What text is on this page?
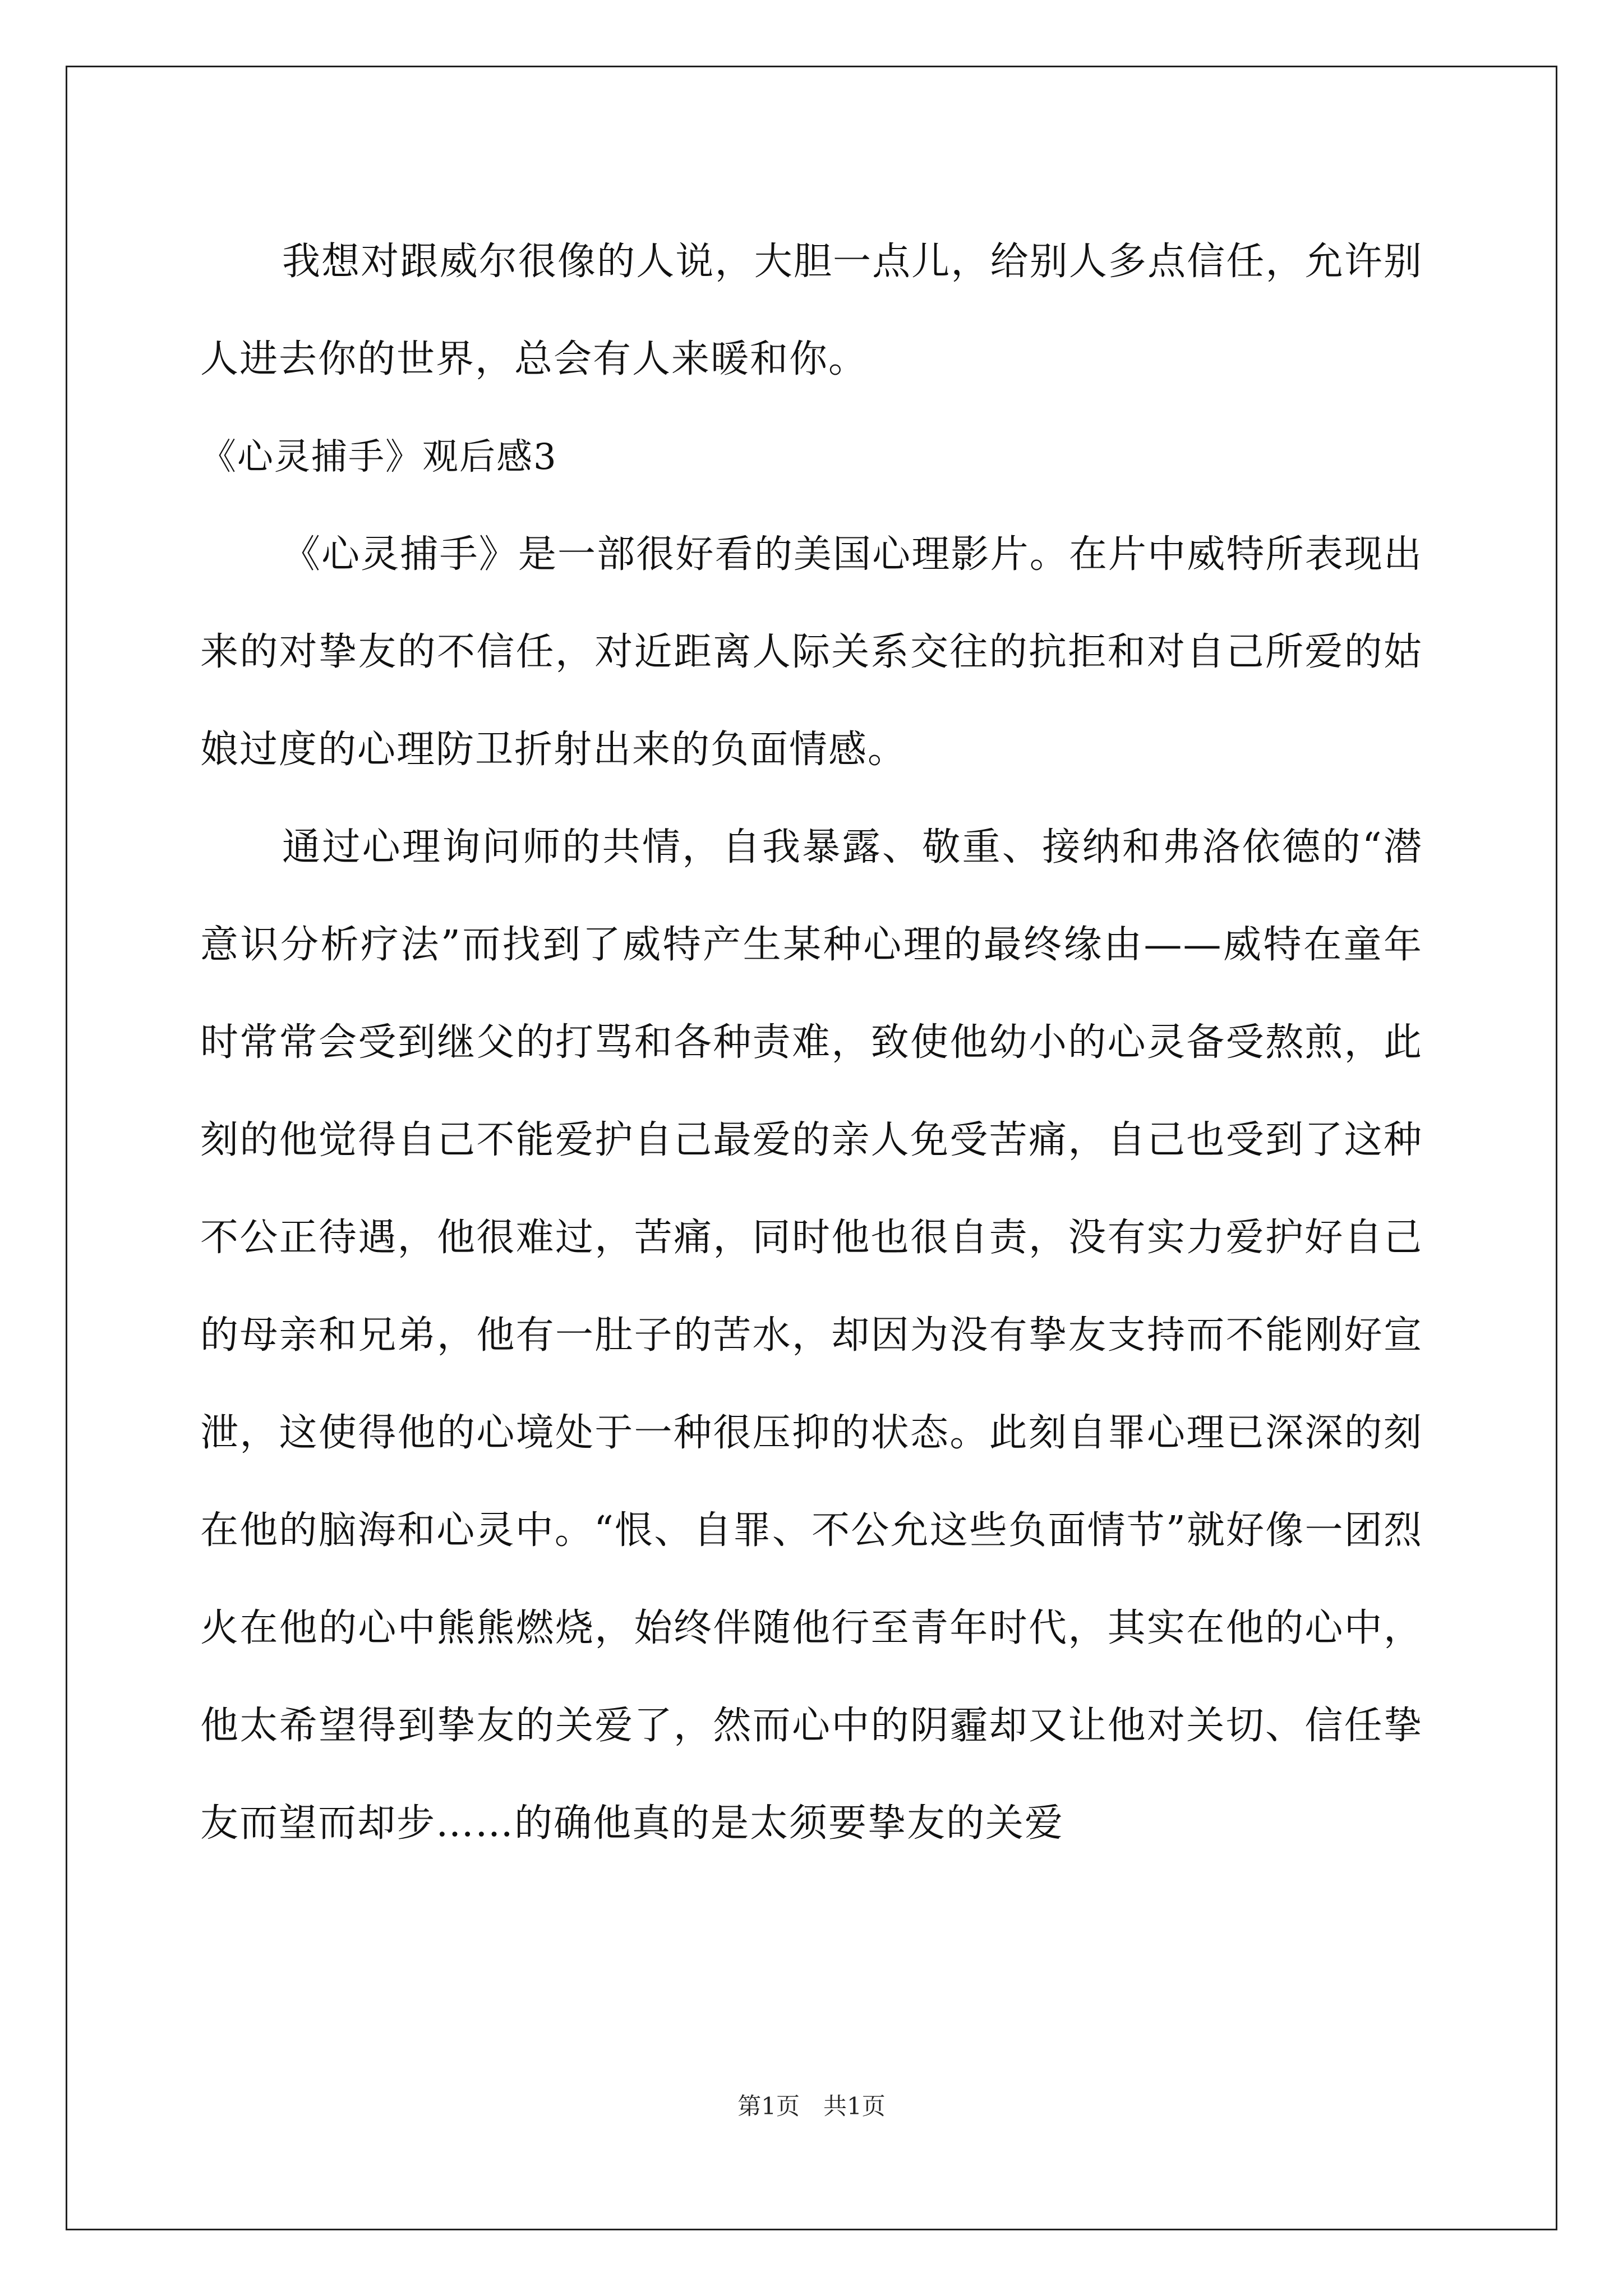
我想对跟威尔很像的人说，大胆一点儿，给别人多点信任，允许别人进去你的世界，总会有人来暖和你。

《心灵捕手》观后感3

《心灵捕手》是一部很好看的美国心理影片。在片中威特所表现出来的对挚友的不信任，对近距离人际关系交往的抗拒和对自己所爱的姑娘过度的心理防卫折射出来的负面情感。

通过心理询问师的共情，自我暴露、敬重、接纳和弗洛依德的“潜意识分析疗法”而找到了威特产生某种心理的最终缘由——威特在童年时常常会受到继父的打骂和各种责难，致使他幼小的心灵备受熬煎，此刻的他觉得自己不能爱护自己最爱的亲人免受苦痛，自己也受到了这种不公正待遇，他很难过，苦痛，同时他也很自责，没有实力爱护好自己的母亲和兄弟，他有一肚子的苦水，却因为没有挚友支持而不能刚好宣泄，这使得他的心境处于一种很压抑的状态。此刻自罪心理已深深的刻在他的脑海和心灵中。“恨、自罪、不公允这些负面情节”就好像一团烈火在他的心中熊熊燃烧，始终伴随他行至青年时代，其实在他的心中，他太希望得到挚友的关爱了，然而心中的阴霾却又让他对关切、信任挚友而望而却步……的确他真的是太须要挚友的关爱

第1页　共1页
